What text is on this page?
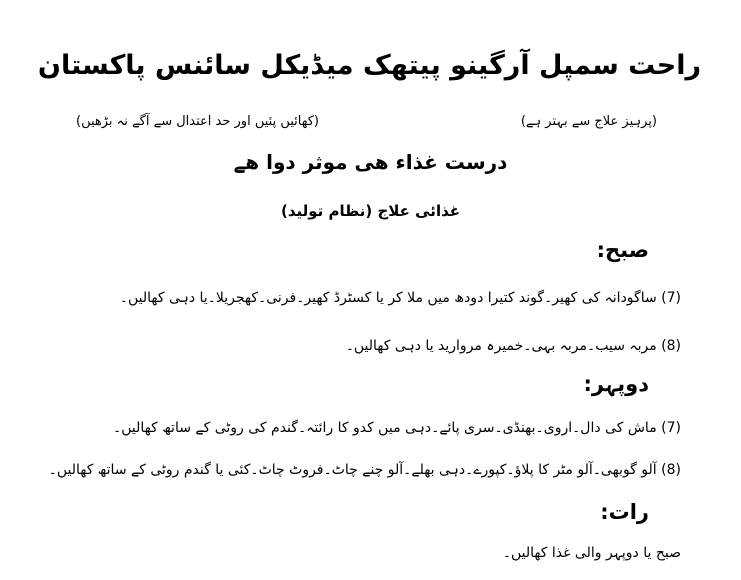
راحت سمپل آرگینو پیتھک میڈیکل سائنس پاکستان
(پرہیز علاج سے بہتر ہے)
(کھائیں پئیں اور حد اعتدال سے آگے نہ بڑھیں)
درست غذاء ھی موثر دوا ھے
غذائی علاج (نظام تولید)
صبح:
(7) ساگودانہ کی کھیر۔گوند کتیرا دودھ میں ملا کر یا کسٹرڈ کھیر۔فرنی۔کھجریلا۔یا دہی کھالیں۔
(8) مربہ سیب۔مربہ بہی۔خمیرہ مروارید یا دہی کھالیں۔
دوپہر:
(7) ماش کی دال۔اروی۔بھنڈی۔سری پائے۔دہی میں کدو کا رائتہ۔گندم کی روٹی کے ساتھ کھالیں۔
(8) آلو گوبھی۔آلو مٹر کا پلاؤ۔کپورے۔دہی بھلے۔آلو چنے چاٹ۔فروٹ چاٹ۔کئی یا گندم روٹی کے ساتھ کھالیں۔
رات:
صبح یا دوپہر والی غذا کھالیں۔
